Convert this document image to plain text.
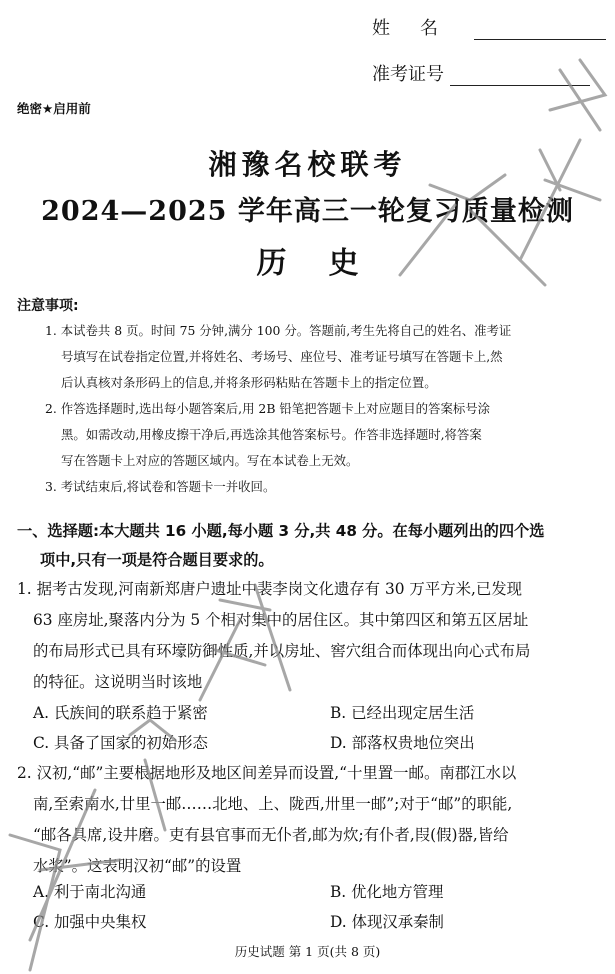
姓名
准考证号
绝密★启用前
湘豫名校联考
2024—2025 学年高三一轮复习质量检测
历史
注意事项:
1. 本试卷共 8 页。时间 75 分钟,满分 100 分。答题前,考生先将自己的姓名、准考证
号填写在试卷指定位置,并将姓名、考场号、座位号、准考证号填写在答题卡上,然
后认真核对条形码上的信息,并将条形码粘贴在答题卡上的指定位置。
2. 作答选择题时,选出每小题答案后,用 2B 铅笔把答题卡上对应题目的答案标号涂
黑。如需改动,用橡皮擦干净后,再选涂其他答案标号。作答非选择题时,将答案
写在答题卡上对应的答题区域内。写在本试卷上无效。
3. 考试结束后,将试卷和答题卡一并收回。
一、选择题:本大题共 16 小题,每小题 3 分,共 48 分。在每小题列出的四个选
项中,只有一项是符合题目要求的。
1. 据考古发现,河南新郑唐户遗址中裴李岗文化遗存有 30 万平方米,已发现
63 座房址,聚落内分为 5 个相对集中的居住区。其中第四区和第五区居址
的布局形式已具有环壕防御性质,并以房址、窖穴组合而体现出向心式布局
的特征。这说明当时该地
A. 氏族间的联系趋于紧密	B. 已经出现定居生活
C. 具备了国家的初始形态	D. 部落权贵地位突出
2. 汉初,“邮”主要根据地形及地区间差异而设置,“十里置一邮。南郡江水以
南,至索南水,廿里一邮……北地、上、陇西,卅里一邮”;对于“邮”的职能,
“邮各具席,设井磨。吏有县官事而无仆者,邮为炊;有仆者,叚(假)器,皆给
水浆”。这表明汉初“邮”的设置
A. 利于南北沟通	B. 优化地方管理
C. 加强中央集权	D. 体现汉承秦制
历史试题 第 1 页(共 8 页)
